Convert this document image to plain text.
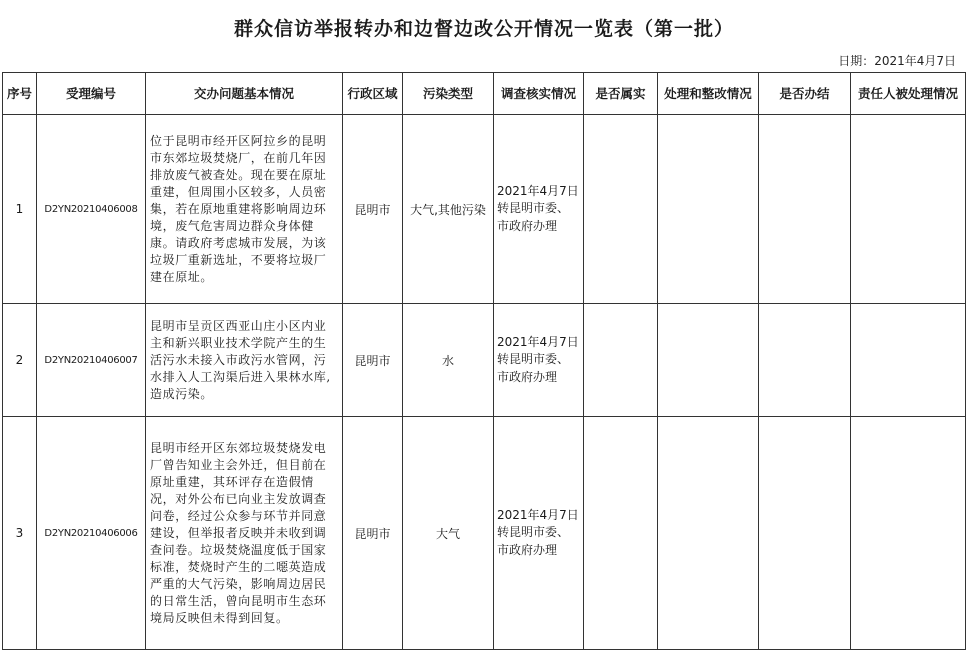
群众信访举报转办和边督边改公开情况一览表（第一批）
日期：2021年4月7日
序号	受理编号	交办问题基本情况	行政区域	污染类型	调查核实情况	是否属实	处理和整改情况	是否办结	责任人被处理情况
1	D2YN20210406008	位于昆明市经开区阿拉乡的昆明市东郊垃圾焚烧厂，在前几年因排放废气被查处。现在要在原址重建，但周围小区较多，人员密集，若在原地重建将影响周边环境，废气危害周边群众身体健康。请政府考虑城市发展，为该垃圾厂重新选址，不要将垃圾厂建在原址。	昆明市	大气,其他污染	2021年4月7日转昆明市委、市政府办理				
2	D2YN20210406007	昆明市呈贡区西亚山庄小区内业主和新兴职业技术学院产生的生活污水未接入市政污水管网，污水排入人工沟渠后进入果林水库,造成污染。	昆明市	水	2021年4月7日转昆明市委、市政府办理				
3	D2YN20210406006	昆明市经开区东郊垃圾焚烧发电厂曾告知业主会外迁，但目前在原址重建，其环评存在造假情况，对外公布已向业主发放调查问卷，经过公众参与环节并同意建设，但举报者反映并未收到调查问卷。垃圾焚烧温度低于国家标准，焚烧时产生的二噁英造成严重的大气污染，影响周边居民的日常生活，曾向昆明市生态环境局反映但未得到回复。	昆明市	大气	2021年4月7日转昆明市委、市政府办理				
